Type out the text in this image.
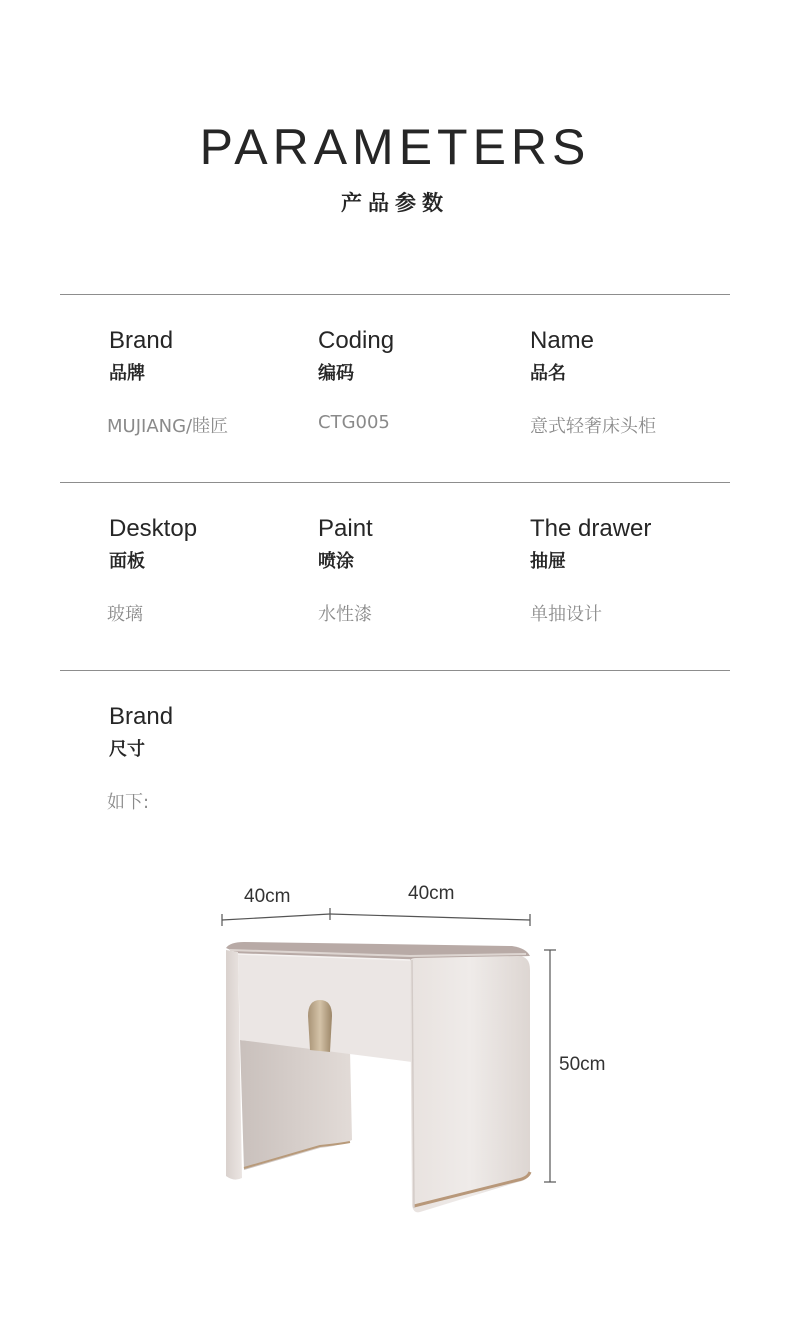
PARAMETERS
产品参数
Brand
品牌
MUJIANG/睦匠
Coding
编码
CTG005
Name
品名
意式轻奢床头柜
Desktop
面板
玻璃
Paint
喷涂
水性漆
The drawer
抽屉
单抽设计
Brand
尺寸
如下:
40cm	40cm
50cm
